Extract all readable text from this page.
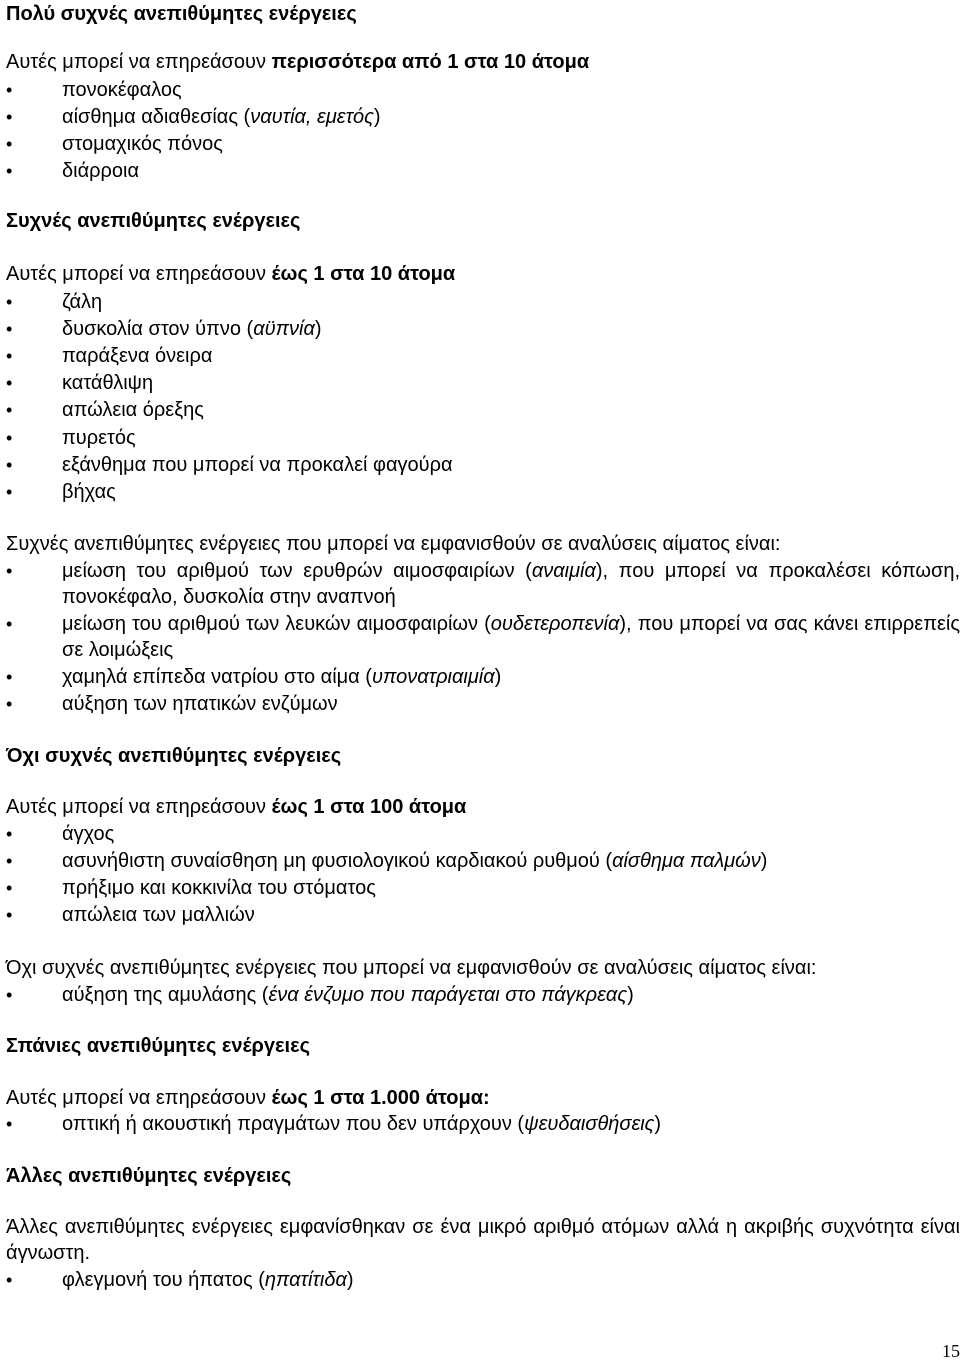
Πολύ συχνές ανεπιθύμητες ενέργειες
Αυτές μπορεί να επηρεάσουν περισσότερα από 1 στα 10 άτομα
• πονοκέφαλος
• αίσθημα αδιαθεσίας (ναυτία, εμετός)
• στομαχικός πόνος
• διάρροια
Συχνές ανεπιθύμητες ενέργειες
Αυτές μπορεί να επηρεάσουν έως 1 στα 10 άτομα
• ζάλη
• δυσκολία στον ύπνο (αϋπνία)
• παράξενα όνειρα
• κατάθλιψη
• απώλεια όρεξης
• πυρετός
• εξάνθημα που μπορεί να προκαλεί φαγούρα
• βήχας
Συχνές ανεπιθύμητες ενέργειες που μπορεί να εμφανισθούν σε αναλύσεις αίματος είναι:
• μείωση του αριθμού των ερυθρών αιμοσφαιρίων (αναιμία), που μπορεί να προκαλέσει κόπωση, πονοκέφαλο, δυσκολία στην αναπνοή
• μείωση του αριθμού των λευκών αιμοσφαιρίων (ουδετεροπενία), που μπορεί να σας κάνει επιρρεπείς σε λοιμώξεις
• χαμηλά επίπεδα νατρίου στο αίμα (υπονατριαιμία)
• αύξηση των ηπατικών ενζύμων
Όχι συχνές ανεπιθύμητες ενέργειες
Αυτές μπορεί να επηρεάσουν έως 1 στα 100 άτομα
• άγχος
• ασυνήθιστη συναίσθηση μη φυσιολογικού καρδιακού ρυθμού (αίσθημα παλμών)
• πρήξιμο και κοκκινίλα του στόματος
• απώλεια των μαλλιών
Όχι συχνές ανεπιθύμητες ενέργειες που μπορεί να εμφανισθούν σε αναλύσεις αίματος είναι:
• αύξηση της αμυλάσης (ένα ένζυμο που παράγεται στο πάγκρεας)
Σπάνιες ανεπιθύμητες ενέργειες
Αυτές μπορεί να επηρεάσουν έως 1 στα 1.000 άτομα:
• οπτική ή ακουστική πραγμάτων που δεν υπάρχουν (ψευδαισθήσεις)
Άλλες ανεπιθύμητες ενέργειες
Άλλες ανεπιθύμητες ενέργειες εμφανίσθηκαν σε ένα μικρό αριθμό ατόμων αλλά η ακριβής συχνότητα είναι άγνωστη.
• φλεγμονή του ήπατος (ηπατίτιδα)
15
